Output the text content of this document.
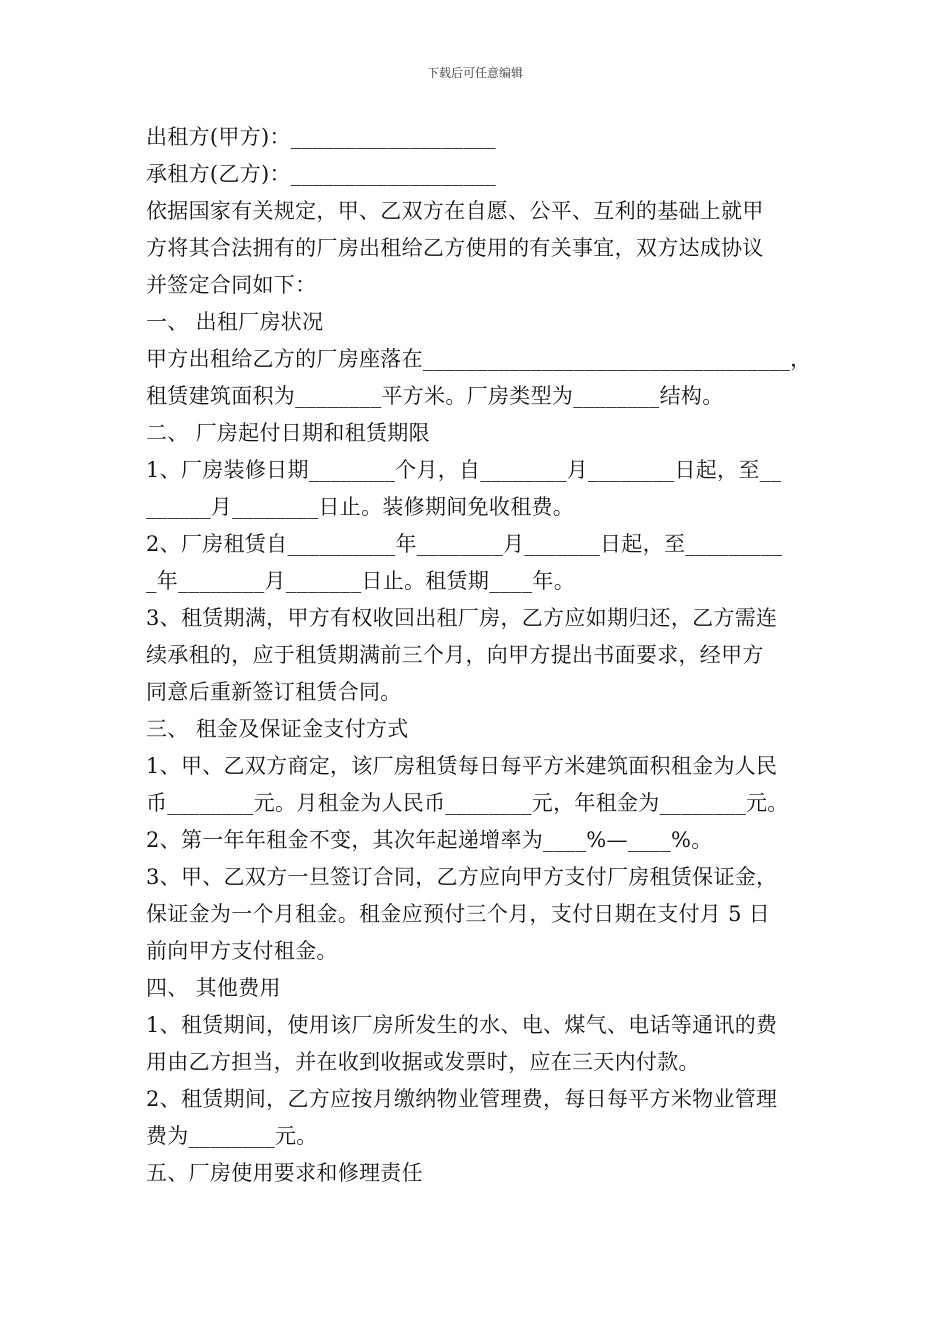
下载后可任意编辑
出租方(甲方)：___________________
承租方(乙方)：___________________
依据国家有关规定，甲、乙双方在自愿、公平、互利的基础上就甲
方将其合法拥有的厂房出租给乙方使用的有关事宜，双方达成协议
并签定合同如下：
一、 出租厂房状况
甲方出租给乙方的厂房座落在__________________________________，
租赁建筑面积为________平方米。厂房类型为________结构。
二、 厂房起付日期和租赁期限
1、厂房装修日期________个月，自________月________日起，至__
______月________日止。装修期间免收租费。
2、厂房租赁自__________年________月_______日起，至_________
_年________月_______日止。租赁期____年。
3、租赁期满，甲方有权收回出租厂房，乙方应如期归还，乙方需连
续承租的，应于租赁期满前三个月，向甲方提出书面要求，经甲方
同意后重新签订租赁合同。
三、 租金及保证金支付方式
1、甲、乙双方商定，该厂房租赁每日每平方米建筑面积租金为人民
币________元。月租金为人民币________元，年租金为________元。
2、第一年年租金不变，其次年起递增率为____%—____%。
3、甲、乙双方一旦签订合同，乙方应向甲方支付厂房租赁保证金，
保证金为一个月租金。租金应预付三个月，支付日期在支付月 5 日
前向甲方支付租金。
四、 其他费用
1、租赁期间，使用该厂房所发生的水、电、煤气、电话等通讯的费
用由乙方担当，并在收到收据或发票时，应在三天内付款。
2、租赁期间，乙方应按月缴纳物业管理费，每日每平方米物业管理
费为________元。
五、厂房使用要求和修理责任
